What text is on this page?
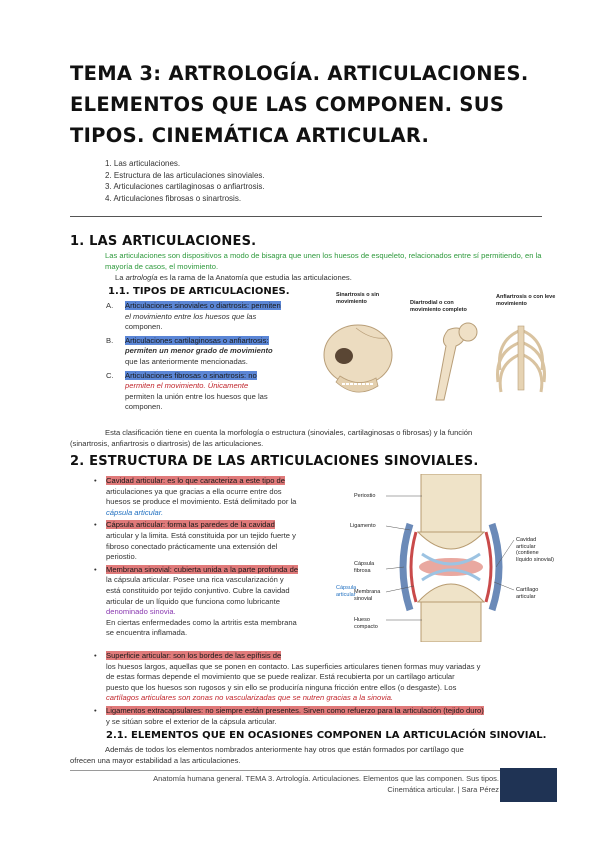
TEMA 3: ARTROLOGÍA. ARTICULACIONES. ELEMENTOS QUE LAS COMPONEN. SUS TIPOS. CINEMÁTICA ARTICULAR.
1. Las articulaciones.
2. Estructura de las articulaciones sinoviales.
3. Articulaciones cartilaginosas o anfiartrosis.
4. Articulaciones fibrosas o sinartrosis.
1. LAS ARTICULACIONES.
Las articulaciones son dispositivos a modo de bisagra que unen los huesos de esqueleto, relacionados entre sí permitiendo, en la mayoría de casos, el movimiento.
La artrología es la rama de la Anatomía que estudia las articulaciones.
1.1. TIPOS DE ARTICULACIONES.
A. Articulaciones sinoviales o diartrosis: permiten
el movimiento entre los huesos que las
componen.
B. Articulaciones cartilaginosas o anfiartrosis:
permiten un menor grado de movimiento
que las anteriormente mencionadas.
C. Articulaciones fibrosas o sinartrosis: no
permiten el movimiento. Únicamente
permiten la unión entre los huesos que las
componen.
Sinartrosis o sin movimiento	Diartrodial o con movimiento completo
Anfiartrosis o con leve movimiento
Esta clasificación tiene en cuenta la morfología o estructura (sinoviales, cartilaginosas o fibrosas) y la función
(sinartrosis, anfiartrosis o diartrosis) de las articulaciones.
2. ESTRUCTURA DE LAS ARTICULACIONES SINOVIALES.
• Cavidad articular: es lo que caracteriza a este tipo de
articulaciones ya que gracias a ella ocurre entre dos
huesos se produce el movimiento. Está delimitado por la
cápsula articular.
• Cápsula articular: forma las paredes de la cavidad
articular y la limita. Está constituida por un tejido fuerte y
fibroso conectado prácticamente una extensión del
periostio.
• Membrana sinovial: cubierta unida a la parte profunda de
la cápsula articular. Posee una rica vascularización y
está constituido por tejido conjuntivo. Cubre la cavidad
articular de un líquido que funciona como lubricante
denominado sinovia.
En ciertas enfermedades como la artritis esta membrana
se encuentra inflamada.
• Superficie articular: son los bordes de las epífisis de
los huesos largos, aquellas que se ponen en contacto. Las superficies articulares tienen formas muy variadas y
de estas formas depende el movimiento que se puede realizar. Está recubierta por un cartílago articular
puesto que los huesos son rugosos y sin ello se produciría ninguna fricción entre ellos (o desgaste). Los
cartílagos articulares son zonas no vascularizadas que se nutren gracias a la sinovia.
• Ligamentos extracapsulares: no siempre están presentes. Sirven como refuerzo para la articulación (tejido duro)
y se sitúan sobre el exterior de la cápsula articular.
Periostio
Ligamento
Cavidad articular (contiene líquido sinovial)
Cápsula fibrosa
Cápsula articular
Membrana sinovial
Cartílago articular
Hueso compacto
2.1. ELEMENTOS QUE EN OCASIONES COMPONEN LA ARTICULACIÓN SINOVIAL.
Además de todos los elementos nombrados anteriormente hay otros que están formados por cartílago que
ofrecen una mayor estabilidad a las articulaciones.
Anatomía humana general. TEMA 3. Artrología. Articulaciones. Elementos que las componen. Sus tipos.
Cinemática articular. | Sara Pérez
